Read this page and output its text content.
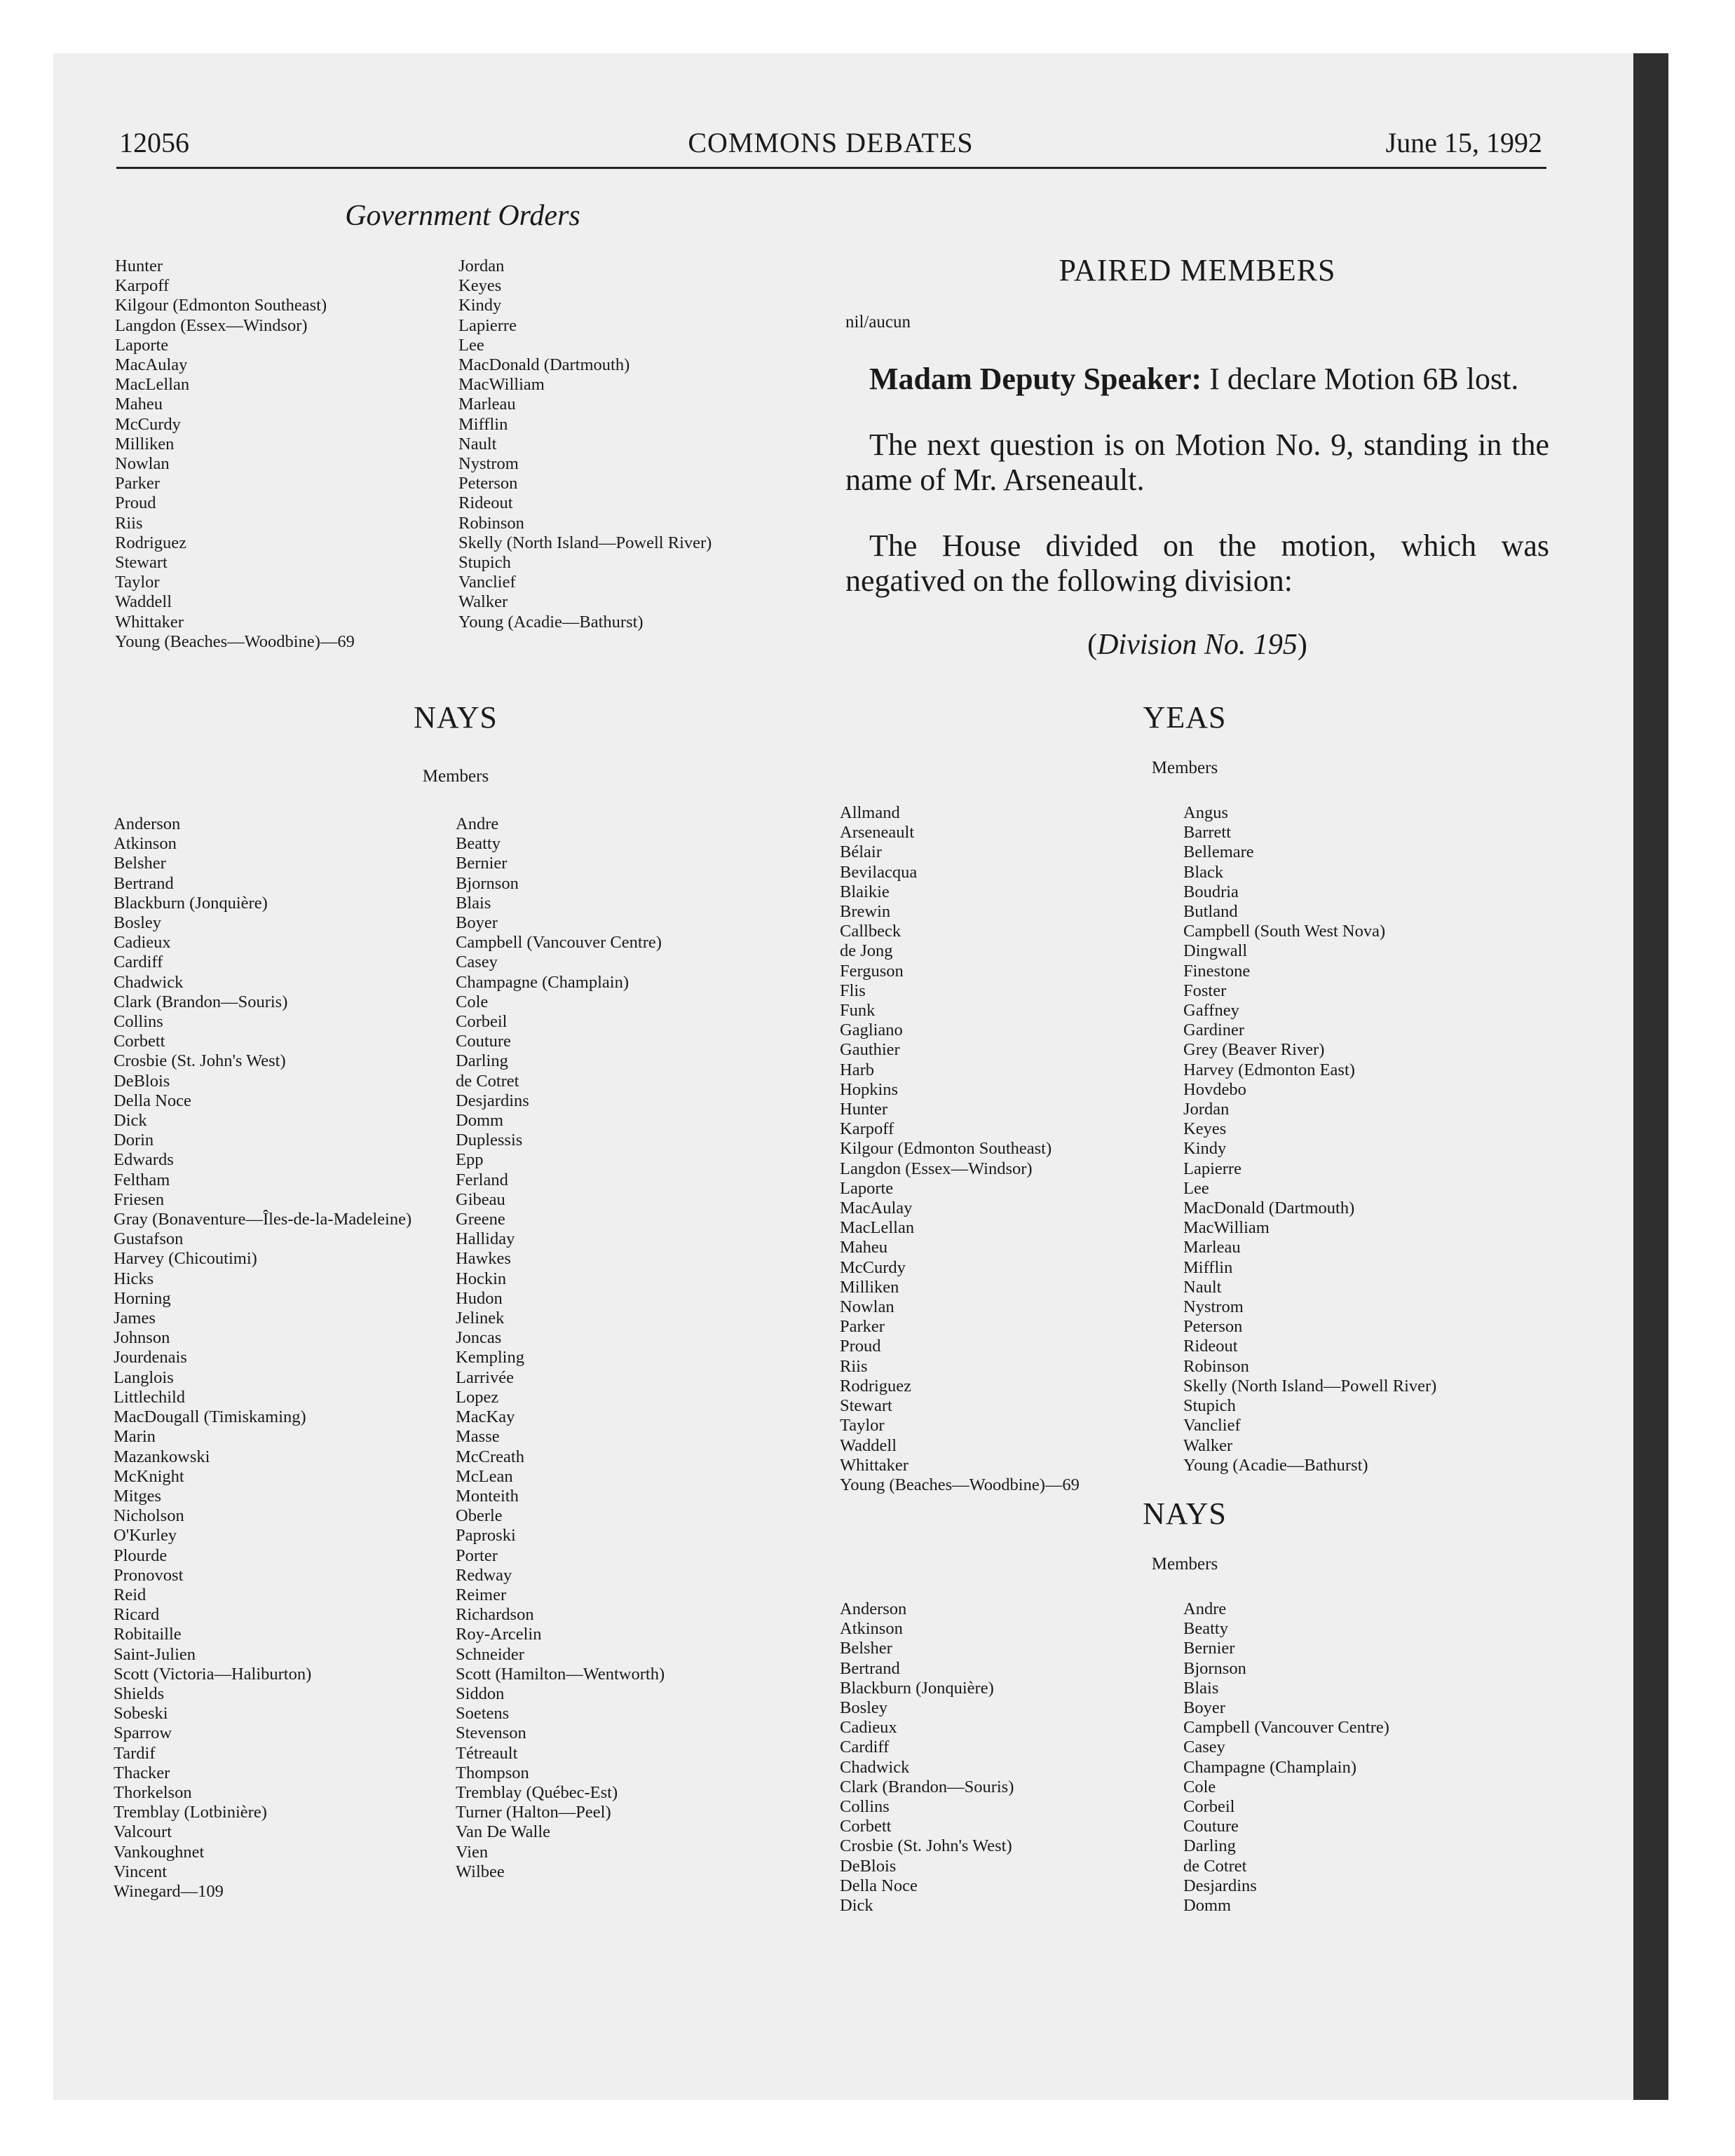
12056	COMMONS DEBATES	June 15, 1992
Government Orders
Hunter
Karpoff
Kilgour (Edmonton Southeast)
Langdon (Essex—Windsor)
Laporte
MacAulay
MacLellan
Maheu
McCurdy
Milliken
Nowlan
Parker
Proud
Riis
Rodriguez
Stewart
Taylor
Waddell
Whittaker
Young (Beaches—Woodbine)—69
Jordan
Keyes
Kindy
Lapierre
Lee
MacDonald (Dartmouth)
MacWilliam
Marleau
Mifflin
Nault
Nystrom
Peterson
Rideout
Robinson
Skelly (North Island—Powell River)
Stupich
Vanclief
Walker
Young (Acadie—Bathurst)
NAYS
Members
Anderson
Atkinson
Belsher
Bertrand
Blackburn (Jonquière)
Bosley
Cadieux
Cardiff
Chadwick
Clark (Brandon—Souris)
Collins
Corbett
Crosbie (St. John's West)
DeBlois
Della Noce
Dick
Dorin
Edwards
Feltham
Friesen
Gray (Bonaventure—Îles-de-la-Madeleine)
Gustafson
Harvey (Chicoutimi)
Hicks
Horning
James
Johnson
Jourdenais
Langlois
Littlechild
MacDougall (Timiskaming)
Marin
Mazankowski
McKnight
Mitges
Nicholson
O'Kurley
Plourde
Pronovost
Reid
Ricard
Robitaille
Saint-Julien
Scott (Victoria—Haliburton)
Shields
Sobeski
Sparrow
Tardif
Thacker
Thorkelson
Tremblay (Lotbinière)
Valcourt
Vankoughnet
Vincent
Winegard—109
Andre
Beatty
Bernier
Bjornson
Blais
Boyer
Campbell (Vancouver Centre)
Casey
Champagne (Champlain)
Cole
Corbeil
Couture
Darling
de Cotret
Desjardins
Domm
Duplessis
Epp
Ferland
Gibeau
Greene
Halliday
Hawkes
Hockin
Hudon
Jelinek
Joncas
Kempling
Larrivée
Lopez
MacKay
Masse
McCreath
McLean
Monteith
Oberle
Paproski
Porter
Redway
Reimer
Richardson
Roy-Arcelin
Schneider
Scott (Hamilton—Wentworth)
Siddon
Soetens
Stevenson
Tétreault
Thompson
Tremblay (Québec-Est)
Turner (Halton—Peel)
Van De Walle
Vien
Wilbee
PAIRED MEMBERS
nil/aucun
Madam Deputy Speaker: I declare Motion 6B lost.
The next question is on Motion No. 9, standing in the name of Mr. Arseneault.
The House divided on the motion, which was negatived on the following division:
(Division No. 195)
YEAS
Members
Allmand
Arseneault
Bélair
Bevilacqua
Blaikie
Brewin
Callbeck
de Jong
Ferguson
Flis
Funk
Gagliano
Gauthier
Harb
Hopkins
Hunter
Karpoff
Kilgour (Edmonton Southeast)
Langdon (Essex—Windsor)
Laporte
MacAulay
MacLellan
Maheu
McCurdy
Milliken
Nowlan
Parker
Proud
Riis
Rodriguez
Stewart
Taylor
Waddell
Whittaker
Young (Beaches—Woodbine)—69
Angus
Barrett
Bellemare
Black
Boudria
Butland
Campbell (South West Nova)
Dingwall
Finestone
Foster
Gaffney
Gardiner
Grey (Beaver River)
Harvey (Edmonton East)
Hovdebo
Jordan
Keyes
Kindy
Lapierre
Lee
MacDonald (Dartmouth)
MacWilliam
Marleau
Mifflin
Nault
Nystrom
Peterson
Rideout
Robinson
Skelly (North Island—Powell River)
Stupich
Vanclief
Walker
Young (Acadie—Bathurst)
NAYS
Members
Anderson
Atkinson
Belsher
Bertrand
Blackburn (Jonquière)
Bosley
Cadieux
Cardiff
Chadwick
Clark (Brandon—Souris)
Collins
Corbett
Crosbie (St. John's West)
DeBlois
Della Noce
Dick
Andre
Beatty
Bernier
Bjornson
Blais
Boyer
Campbell (Vancouver Centre)
Casey
Champagne (Champlain)
Cole
Corbeil
Couture
Darling
de Cotret
Desjardins
Domm
